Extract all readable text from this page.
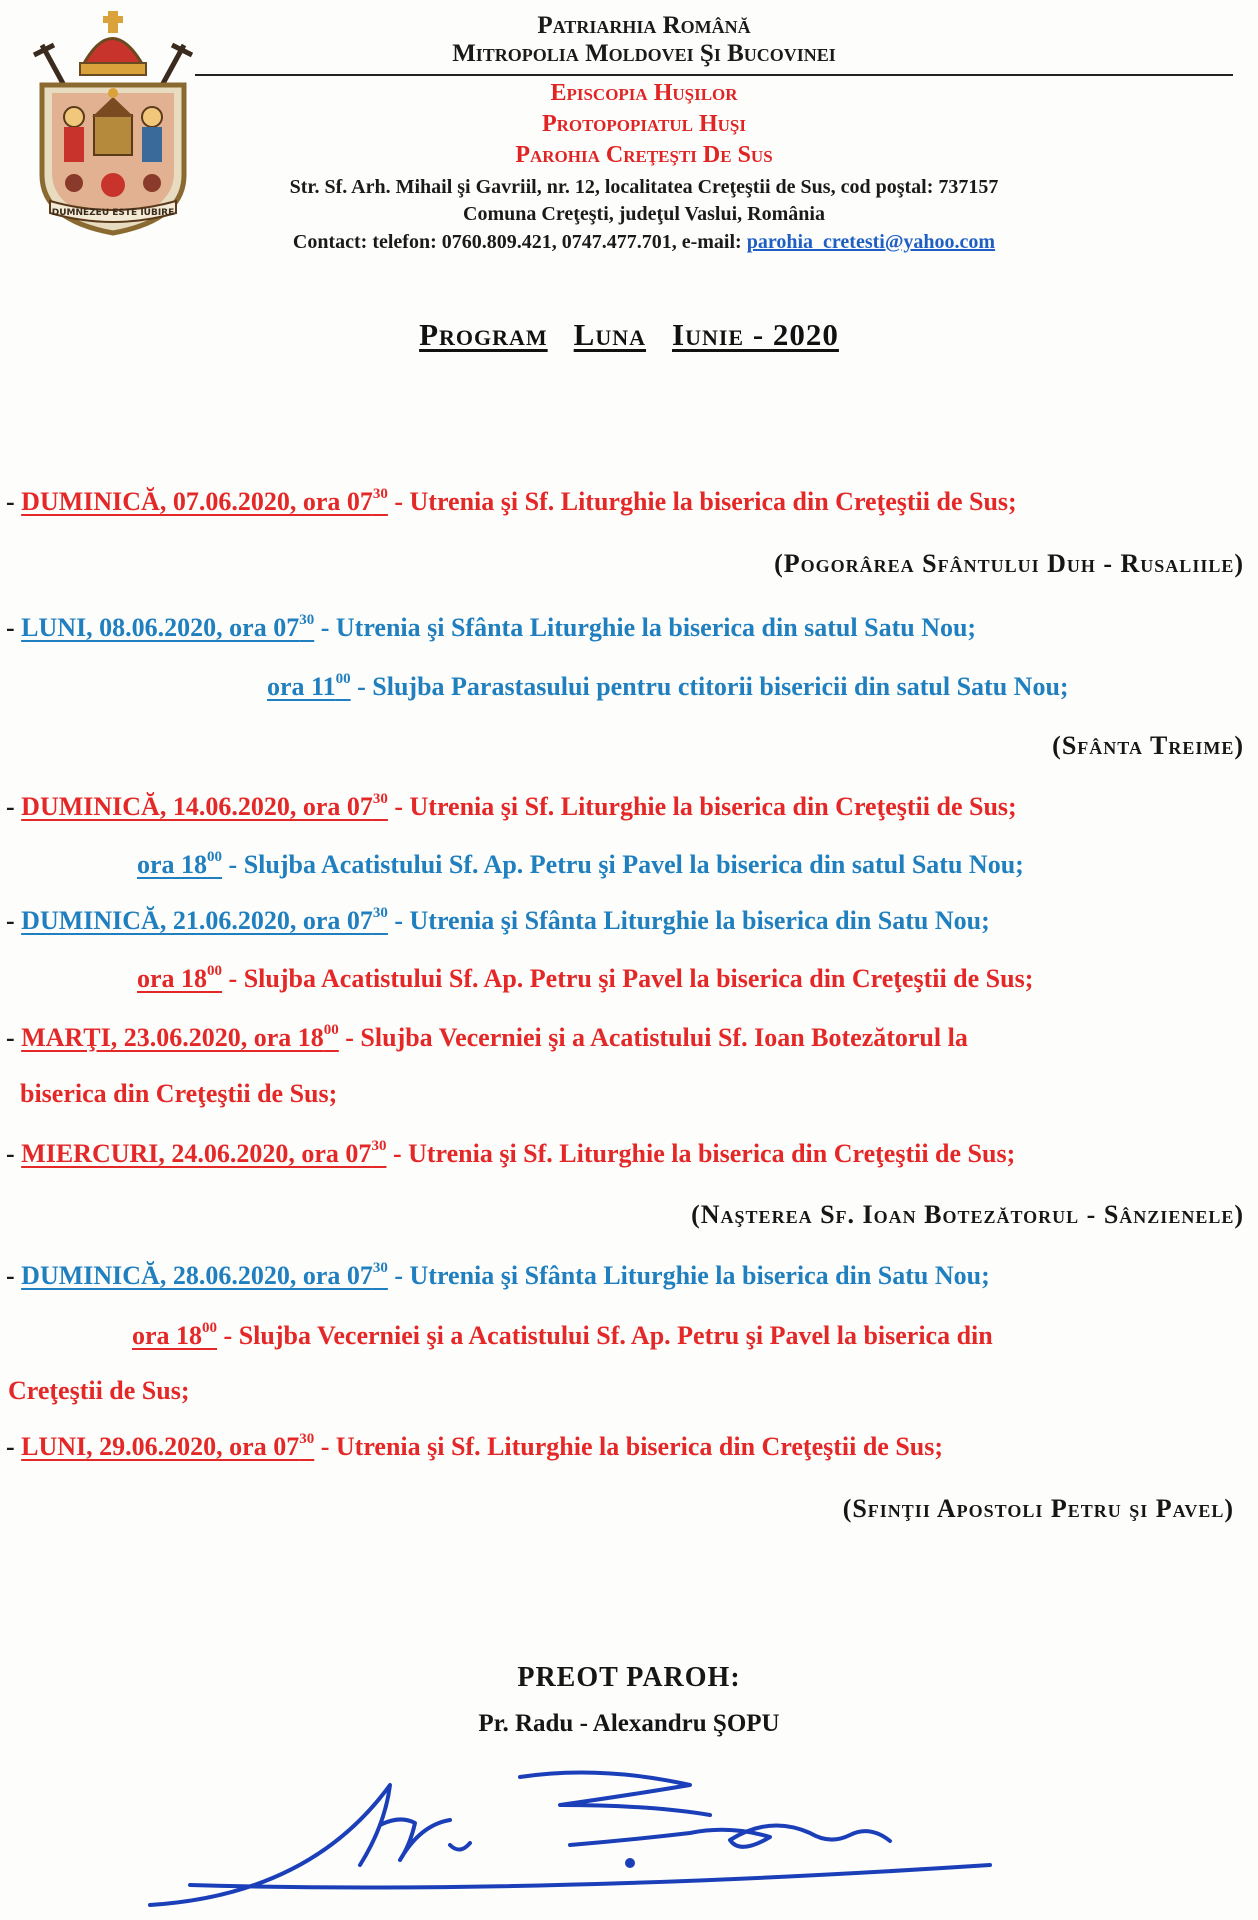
DUMNEZEU ESTE IUBIRE
Patriarhia Română
Mitropolia Moldovei Şi Bucovinei
Episcopia Huşilor
Protopopiatul Huşi
Parohia Creţeşti De Sus
Str. Sf. Arh. Mihail şi Gavriil, nr. 12, localitatea Creţeştii de Sus, cod poştal: 737157
Comuna Creţeşti, judeţul Vaslui, România
Contact: telefon: 0760.809.421, 0747.477.701, e-mail: parohia_cretesti@yahoo.com
Program Luna Iunie - 2020
- DUMINICĂ, 07.06.2020, ora $07^{30}$ - Utrenia şi Sf. Liturghie la biserica din Creţeştii de Sus;
(Pogorârea Sfântului Duh - Rusaliile)
- LUNI, 08.06.2020, ora $07^{30}$ - Utrenia şi Sfânta Liturghie la biserica din satul Satu Nou;
ora $11^{00}$ - Slujba Parastasului pentru ctitorii bisericii din satul Satu Nou;
(Sfânta Treime)
- DUMINICĂ, 14.06.2020, ora $07^{30}$ - Utrenia şi Sf. Liturghie la biserica din Creţeştii de Sus;
ora $18^{00}$ - Slujba Acatistului Sf. Ap. Petru şi Pavel la biserica din satul Satu Nou;
- DUMINICĂ, 21.06.2020, ora $07^{30}$ - Utrenia şi Sfânta Liturghie la biserica din Satu Nou;
ora $18^{00}$ - Slujba Acatistului Sf. Ap. Petru şi Pavel la biserica din Creţeştii de Sus;
- MARŢI, 23.06.2020, ora $18^{00}$ - Slujba Vecerniei şi a Acatistului Sf. Ioan Botezătorul la
biserica din Creţeştii de Sus;
- MIERCURI, 24.06.2020, ora $07^{30}$ - Utrenia şi Sf. Liturghie la biserica din Creţeştii de Sus;
(Naşterea Sf. Ioan Botezătorul - Sânzienele)
- DUMINICĂ, 28.06.2020, ora $07^{30}$ - Utrenia şi Sfânta Liturghie la biserica din Satu Nou;
ora $18^{00}$ - Slujba Vecerniei şi a Acatistului Sf. Ap. Petru şi Pavel la biserica din
Creţeştii de Sus;
- LUNI, 29.06.2020, ora $07^{30}$ - Utrenia şi Sf. Liturghie la biserica din Creţeştii de Sus;
(Sfinţii Apostoli Petru şi Pavel)
PREOT PAROH:
Pr. Radu - Alexandru ŞOPU
